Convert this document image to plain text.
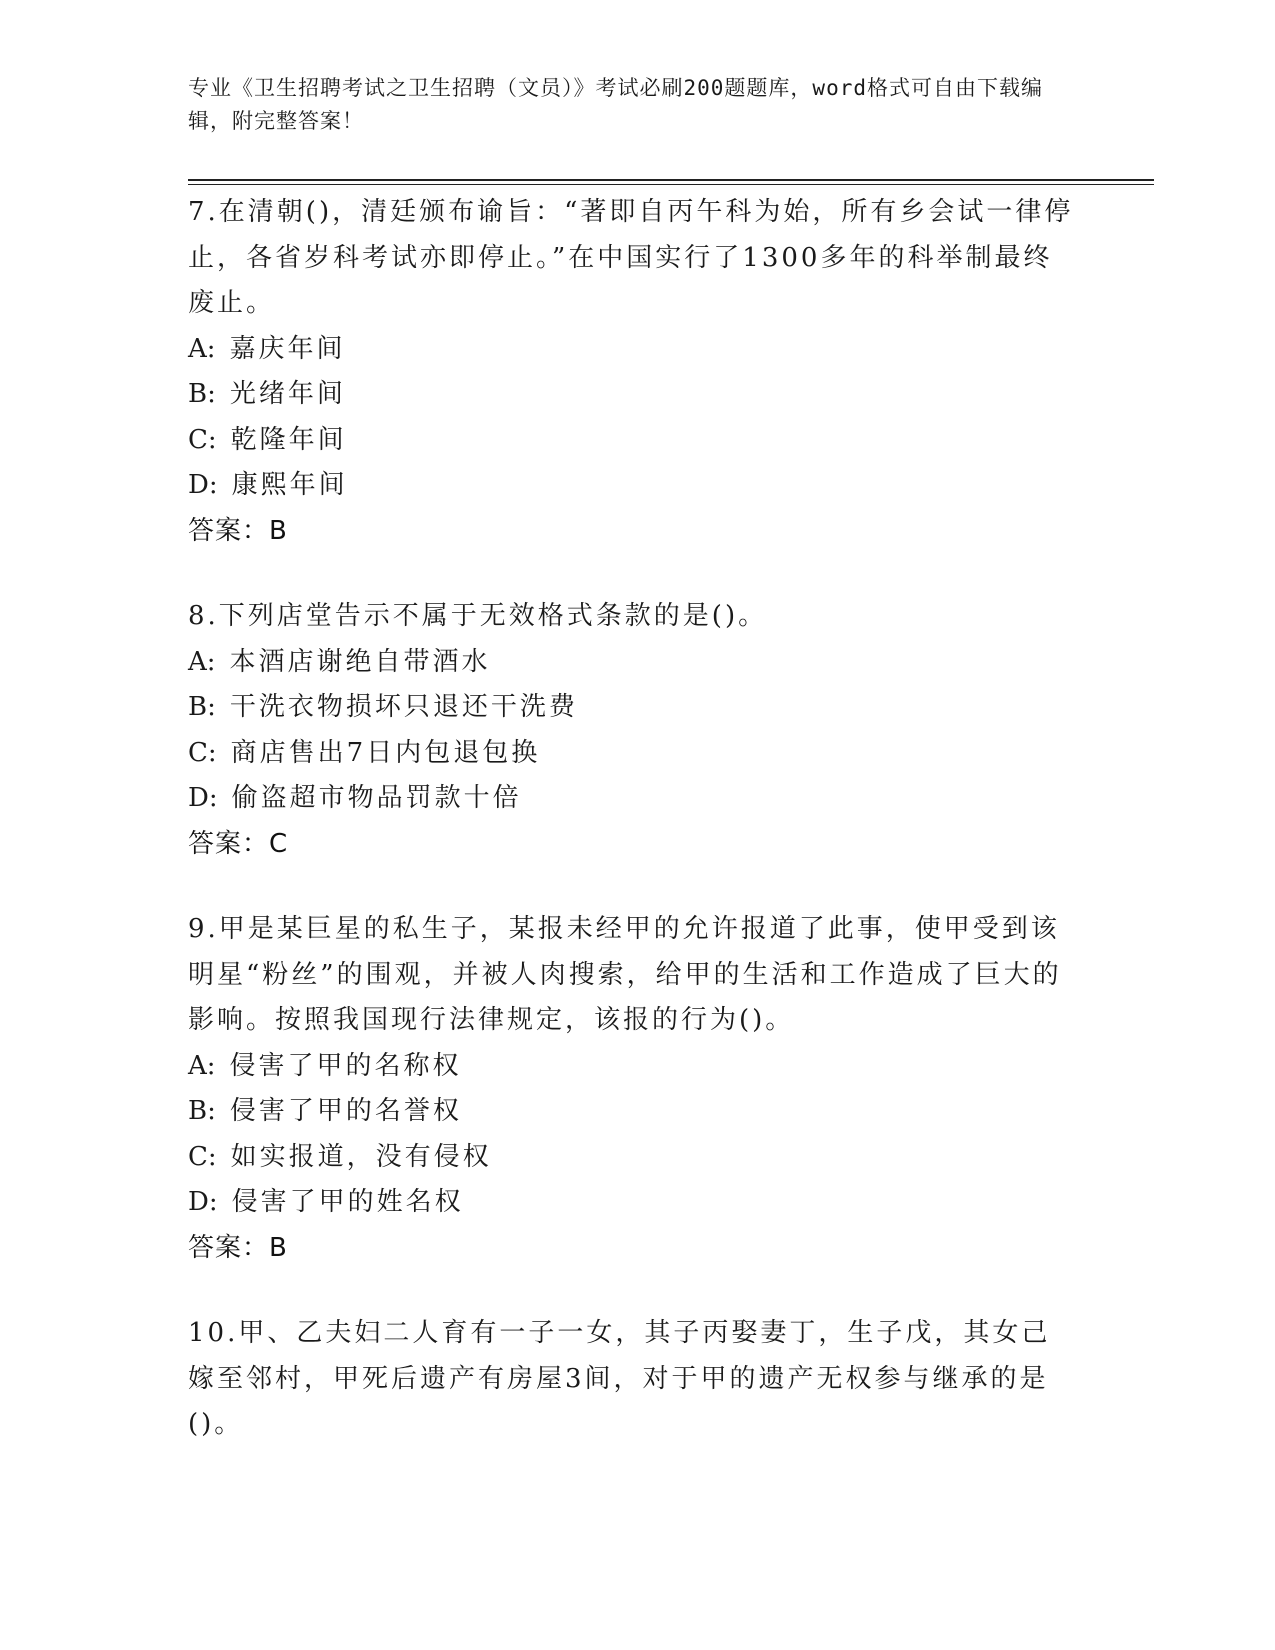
专业《卫生招聘考试之卫生招聘（文员）》考试必刷200题题库，word格式可自由下载编辑，附完整答案！

7.在清朝()，清廷颁布谕旨：“著即自丙午科为始，所有乡会试一律停止，各省岁科考试亦即停止。”在中国实行了1300多年的科举制最终废止。

A: 嘉庆年间

B: 光绪年间

C: 乾隆年间

D: 康熙年间

答案：B

8.下列店堂告示不属于无效格式条款的是()。

A: 本酒店谢绝自带酒水

B: 干洗衣物损坏只退还干洗费

C: 商店售出7日内包退包换

D: 偷盗超市物品罚款十倍

答案：C

9.甲是某巨星的私生子，某报未经甲的允许报道了此事，使甲受到该明星“粉丝”的围观，并被人肉搜索，给甲的生活和工作造成了巨大的影响。按照我国现行法律规定，该报的行为()。

A: 侵害了甲的名称权

B: 侵害了甲的名誉权

C: 如实报道，没有侵权

D: 侵害了甲的姓名权

答案：B

10.甲、乙夫妇二人育有一子一女，其子丙娶妻丁，生子戊，其女己嫁至邻村，甲死后遗产有房屋3间，对于甲的遗产无权参与继承的是()。
